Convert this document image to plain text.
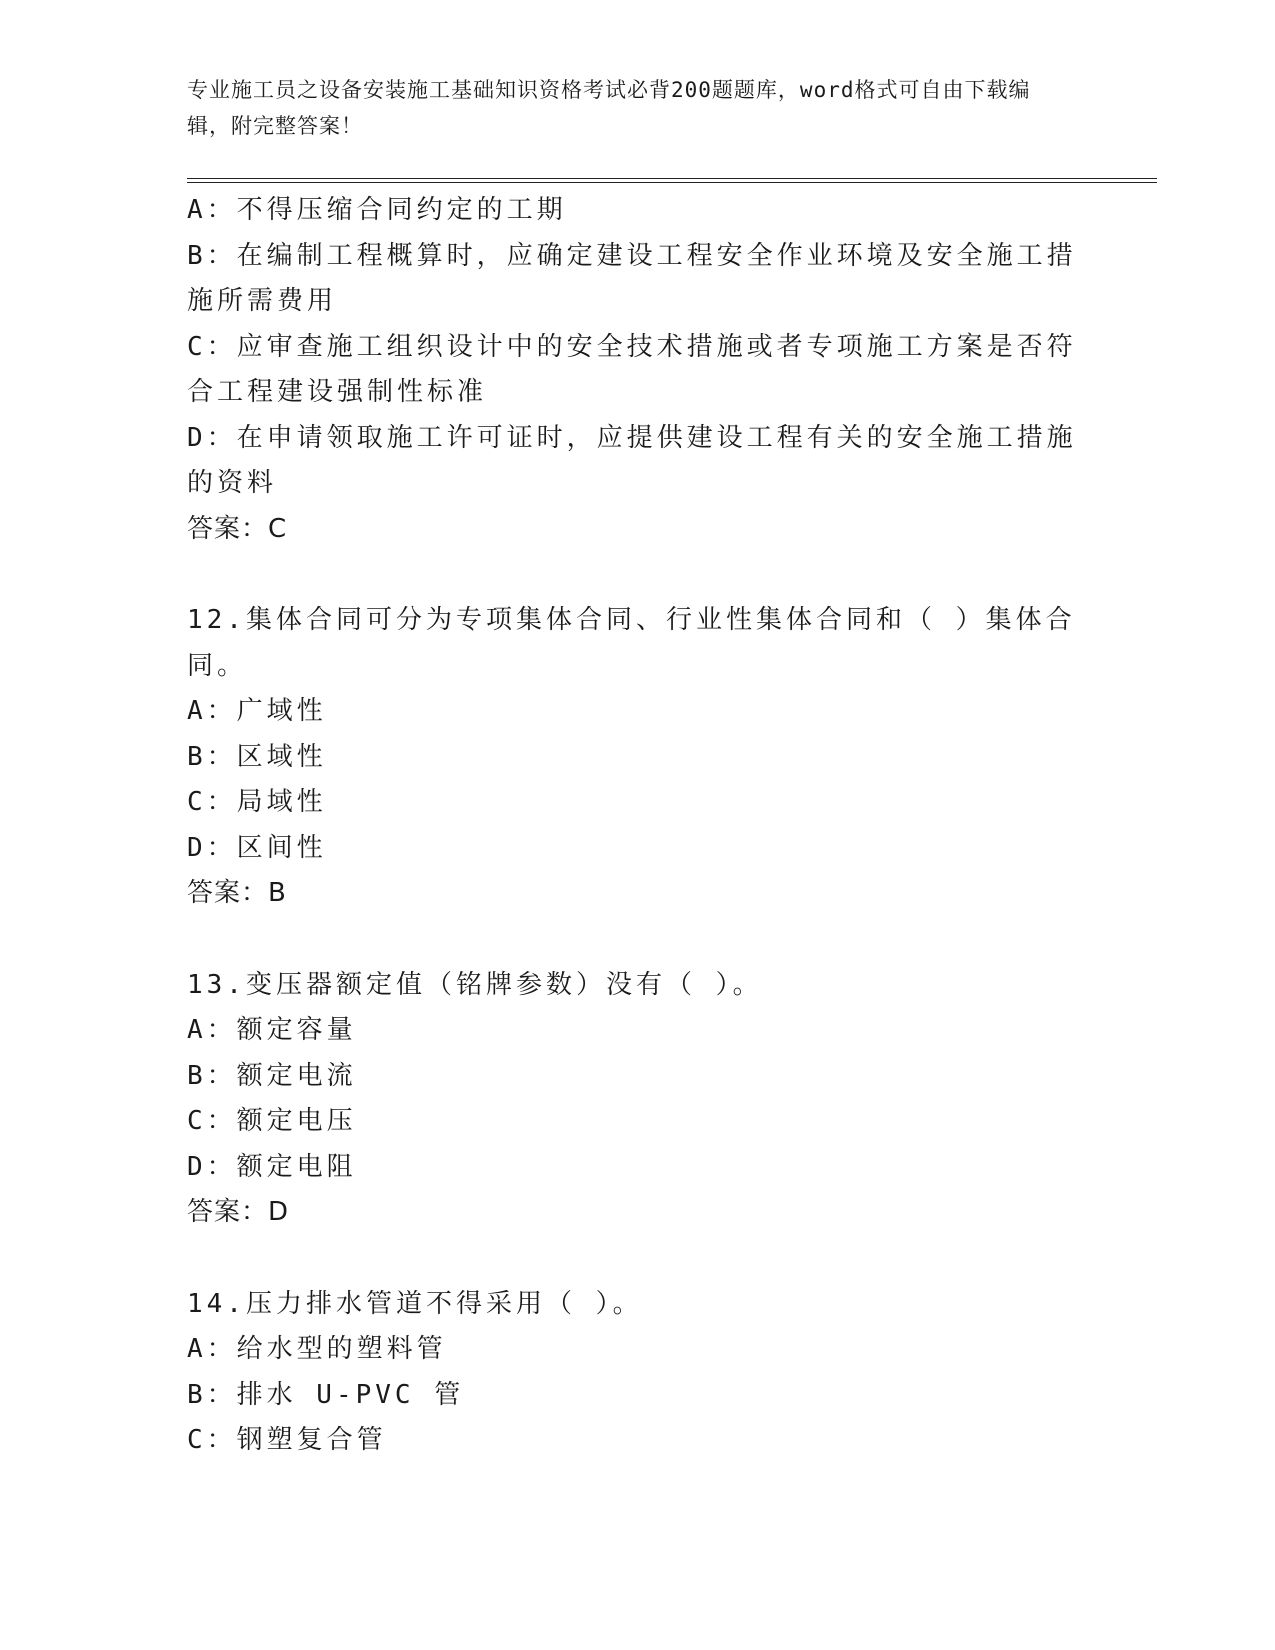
专业施工员之设备安装施工基础知识资格考试必背200题题库，word格式可自由下载编辑，附完整答案！
A：不得压缩合同约定的工期
B：在编制工程概算时，应确定建设工程安全作业环境及安全施工措施所需费用
C：应审查施工组织设计中的安全技术措施或者专项施工方案是否符合工程建设强制性标准
D：在申请领取施工许可证时，应提供建设工程有关的安全施工措施的资料
答案：C
12.集体合同可分为专项集体合同、行业性集体合同和（ ）集体合同。
A：广域性
B：区域性
C：局域性
D：区间性
答案：B
13.变压器额定值（铭牌参数）没有（ ）。
A：额定容量
B：额定电流
C：额定电压
D：额定电阻
答案：D
14.压力排水管道不得采用（ ）。
A：给水型的塑料管
B：排水 U-PVC 管
C：钢塑复合管
